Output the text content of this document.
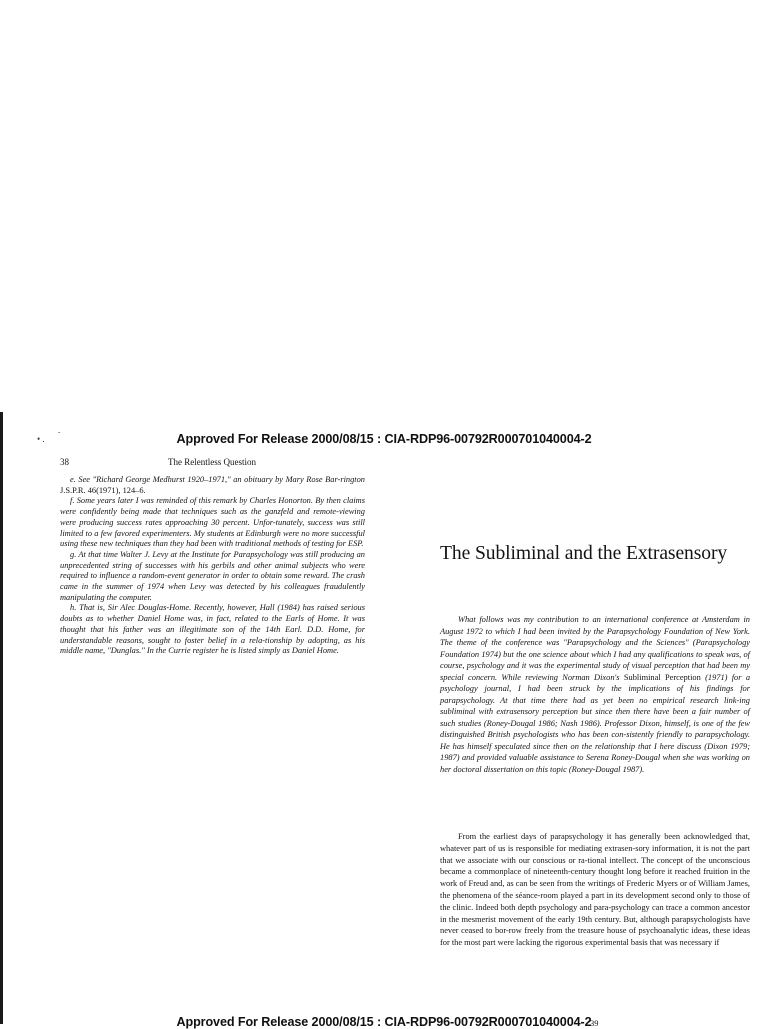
• .
-	Approved For Release 2000/08/15 : CIA-RDP96-00792R000701040004-2
38	The Relentless Question

e. See "Richard George Medhurst 1920–1971," an obituary by Mary Rose Bar-rington J.S.P.R. 46(1971), 124–6.

f. Some years later I was reminded of this remark by Charles Honorton. By then claims were confidently being made that techniques such as the ganzfeld and remote-viewing were producing success rates approaching 30 percent. Unfor-tunately, success was still limited to a few favored experimenters. My students at Edinburgh were no more successful using these new techniques than they had been with traditional methods of testing for ESP.

g. At that time Walter J. Levy at the Institute for Parapsychology was still producing an unprecedented string of successes with his gerbils and other animal subjects who were required to influence a random-event generator in order to obtain some reward. The crash came in the summer of 1974 when Levy was detected by his colleagues fraudulently manipulating the computer.

h. That is, Sir Alec Douglas-Home. Recently, however, Hall (1984) has raised serious doubts as to whether Daniel Home was, in fact, related to the Earls of Home. It was thought that his father was an illegitimate son of the 14th Earl. D.D. Home, for understandable reasons, sought to foster belief in a rela-tionship by adopting, as his middle name, "Dunglas." In the Currie register he is listed simply as Daniel Home.

The Subliminal and the Extrasensory

What follows was my contribution to an international conference at Amsterdam in August 1972 to which I had been invited by the Parapsychology Foundation of New York. The theme of the conference was "Parapsychology and the Sciences" (Parapsychology Foundation 1974) but the one science about which I had any qualifications to speak was, of course, psychology and it was the experimental study of visual perception that had been my special concern. While reviewing Norman Dixon's Subliminal Perception (1971) for a psychology journal, I had been struck by the implications of his findings for parapsychology. At that time there had as yet been no empirical research link-ing subliminal with extrasensory perception but since then there have been a fair number of such studies (Roney-Dougal 1986; Nash 1986). Professor Dixon, himself, is one of the few distinguished British psychologists who has been con-sistently friendly to parapsychology. He has himself speculated since then on the relationship that I here discuss (Dixon 1979; 1987) and provided valuable assistance to Serena Roney-Dougal when she was working on her doctoral dissertation on this topic (Roney-Dougal 1987).

From the earliest days of parapsychology it has generally been acknowledged that, whatever part of us is responsible for mediating extrasen-sory information, it is not the part that we associate with our conscious or ra-tional intellect. The concept of the unconscious became a commonplace of nineteenth-century thought long before it reached fruition in the work of Freud and, as can be seen from the writings of Frederic Myers or of William James, the phenomena of the séance-room played a part in its development second only to those of the clinic. Indeed both depth psychology and para-psychology can trace a common ancestor in the mesmerist movement of the early 19th century. But, although parapsychologists have never ceased to bor-row freely from the treasure house of psychoanalytic ideas, these ideas for the most part were lacking the rigorous experimental basis that was necessary if

Approved For Release 2000/08/15 : CIA-RDP96-00792R000701040004-2
39
